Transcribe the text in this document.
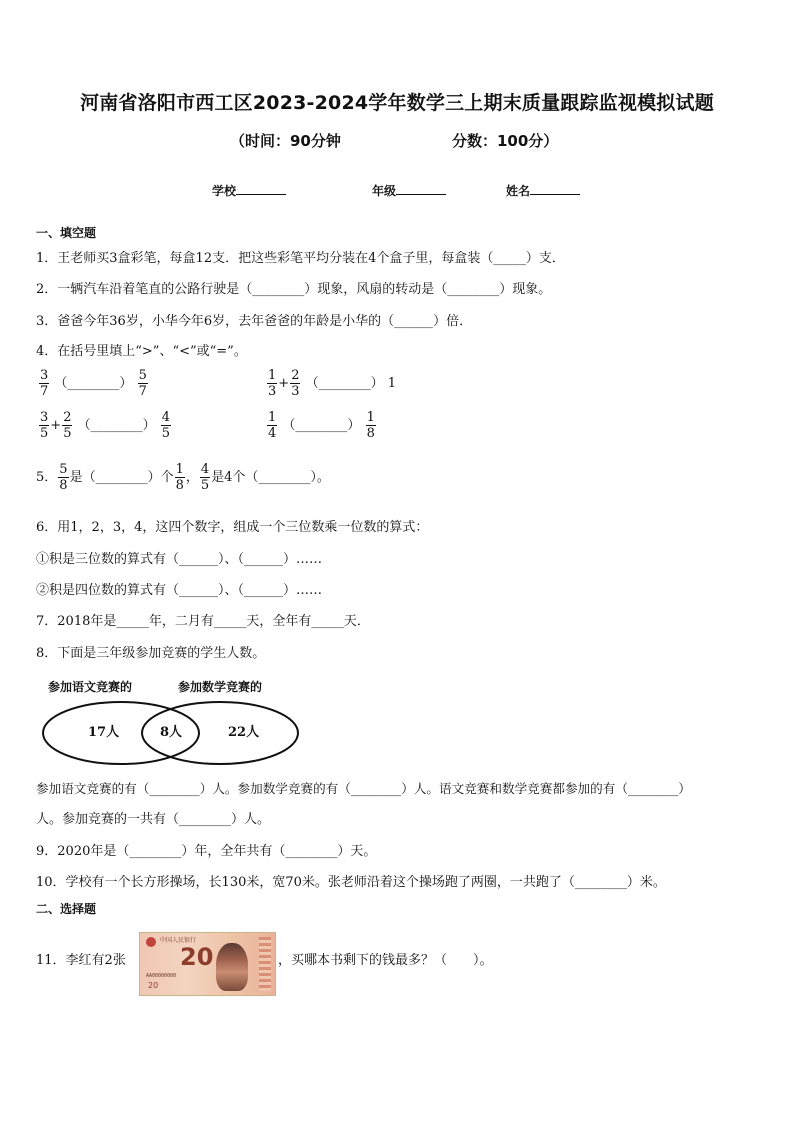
河南省洛阳市西工区2023-2024学年数学三上期末质量跟踪监视模拟试题
（时间：90分钟	分数：100分）
学校	年级	姓名
一、填空题
1．王老师买3盒彩笔，每盒12支．把这些彩笔平均分装在4个盒子里，每盒装（_____）支．
2．一辆汽车沿着笔直的公路行驶是（________）现象，风扇的转动是（________）现象。
3．爸爸今年36岁，小华今年6岁，去年爸爸的年龄是小华的（______）倍．
4．在括号里填上“>”、“<”或“=”。
$\frac{3}{7}$ （________） $\frac{5}{7}$	$\frac{1}{3} + \frac{2}{3}$ （________） 1
$\frac{3}{5} + \frac{2}{5}$ （________） $\frac{4}{5}$	$\frac{1}{4}$ （________） $\frac{1}{8}$
5． $\frac{5}{8}$ 是（________）个 $\frac{1}{8}$ ， $\frac{4}{5}$ 是4个（________）。
6．用1，2，3，4，这四个数字，组成一个三位数乘一位数的算式：
①积是三位数的算式有（______）、（______）……
②积是四位数的算式有（______）、（______）……
7．2018年是_____年，二月有_____天，全年有_____天．
8．下面是三年级参加竞赛的学生人数。
参加语文竞赛的	参加数学竞赛的
17人	8人	22人
参加语文竞赛的有（________）人。参加数学竞赛的有（________）人。语文竞赛和数学竞赛都参加的有（________）
人。参加竞赛的一共有（________）人。
9．2020年是（________）年，全年共有（________）天。
10．学校有一个长方形操场，长130米，宽70米。张老师沿着这个操场跑了两圈，一共跑了（________）米。
二、选择题
11．李红有2张
中国人民银行
20
AA00000000
20
，买哪本书剩下的钱最多？（　　）。
